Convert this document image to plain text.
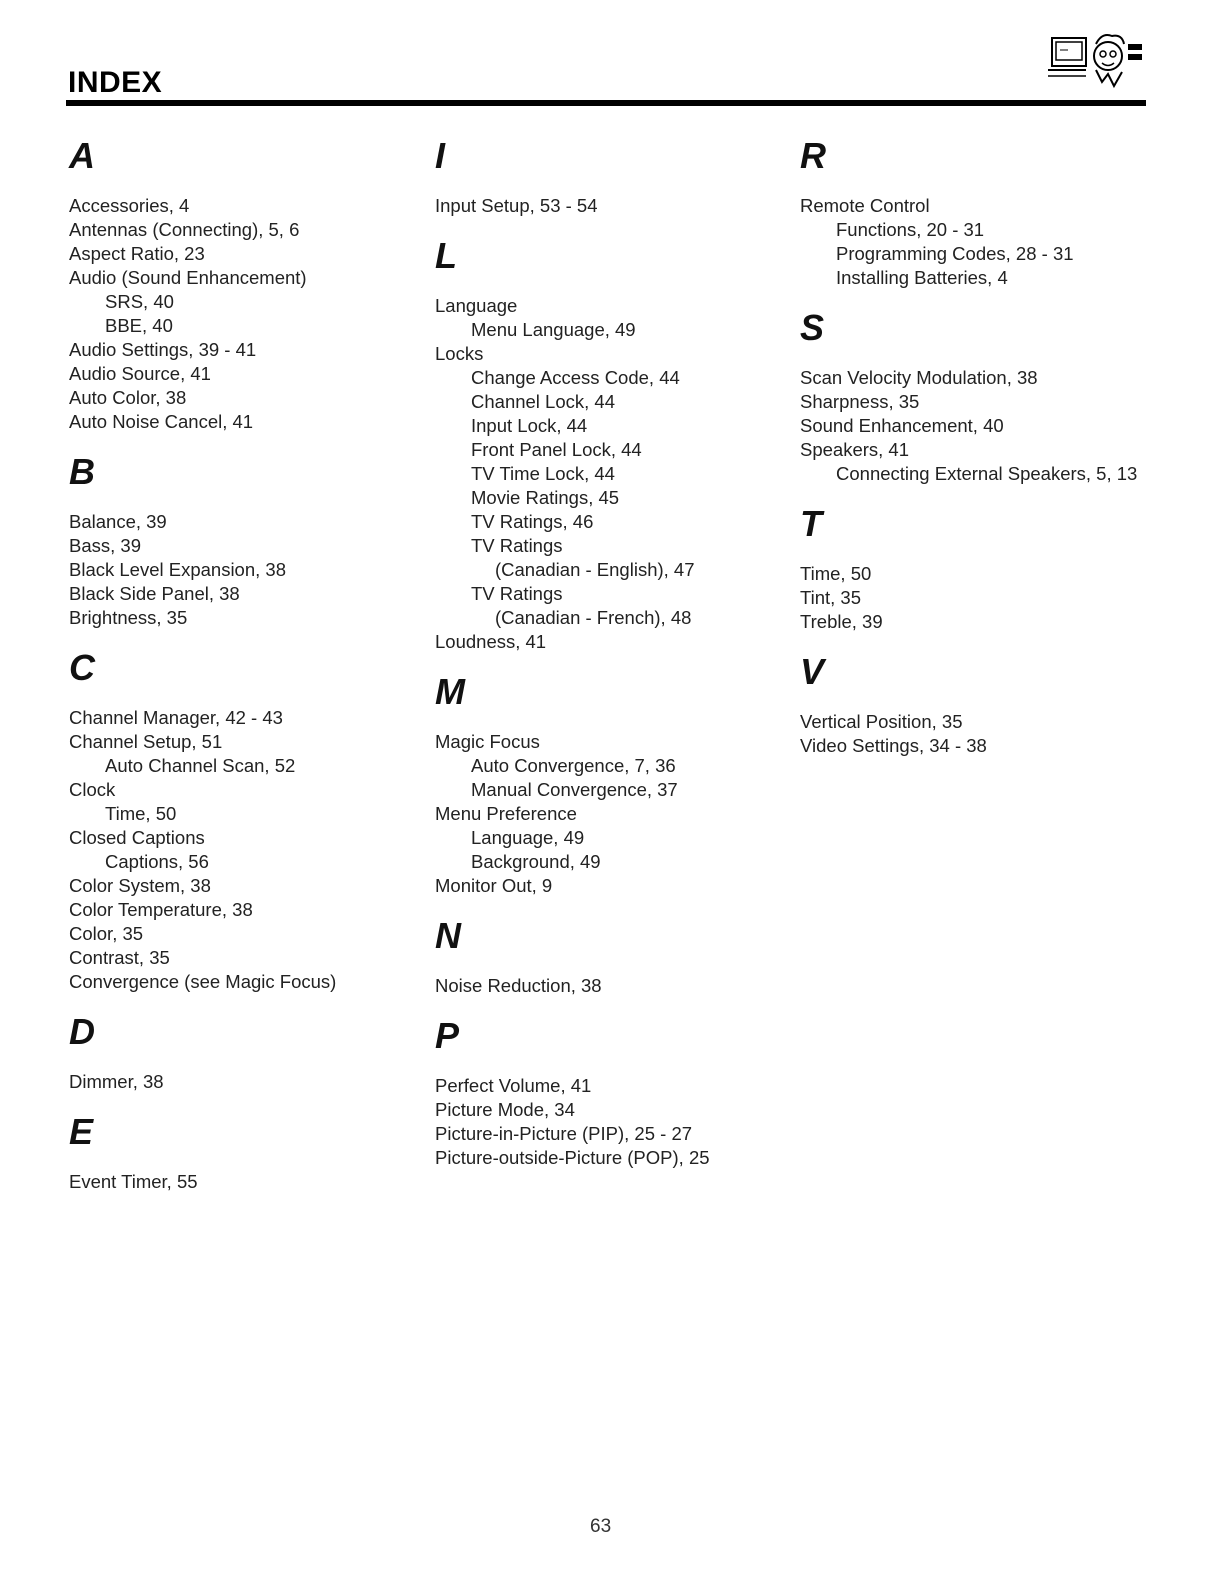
INDEX
A
Accessories, 4
Antennas (Connecting), 5, 6
Aspect Ratio, 23
Audio (Sound Enhancement)
SRS, 40
BBE, 40
Audio Settings, 39 - 41
Audio Source, 41
Auto Color, 38
Auto Noise Cancel, 41
B
Balance, 39
Bass, 39
Black Level Expansion, 38
Black Side Panel, 38
Brightness, 35
C
Channel Manager, 42 - 43
Channel Setup, 51
Auto Channel Scan, 52
Clock
Time, 50
Closed Captions
Captions, 56
Color System, 38
Color Temperature, 38
Color, 35
Contrast, 35
Convergence (see Magic Focus)
D
Dimmer, 38
E
Event Timer, 55
I
Input Setup, 53 - 54
L
Language
Menu Language, 49
Locks
Change Access Code, 44
Channel Lock, 44
Input Lock, 44
Front Panel Lock, 44
TV Time Lock, 44
Movie Ratings, 45
TV Ratings, 46
TV Ratings
(Canadian - English), 47
TV Ratings
(Canadian - French), 48
Loudness, 41
M
Magic Focus
Auto Convergence, 7, 36
Manual Convergence, 37
Menu Preference
Language, 49
Background, 49
Monitor Out, 9
N
Noise Reduction, 38
P
Perfect Volume, 41
Picture Mode, 34
Picture-in-Picture (PIP), 25 - 27
Picture-outside-Picture (POP), 25
R
Remote Control
Functions, 20 - 31
Programming Codes, 28 - 31
Installing Batteries, 4
S
Scan Velocity Modulation, 38
Sharpness, 35
Sound Enhancement, 40
Speakers, 41
Connecting External Speakers, 5, 13
T
Time, 50
Tint, 35
Treble, 39
V
Vertical Position, 35
Video Settings, 34 - 38
63
